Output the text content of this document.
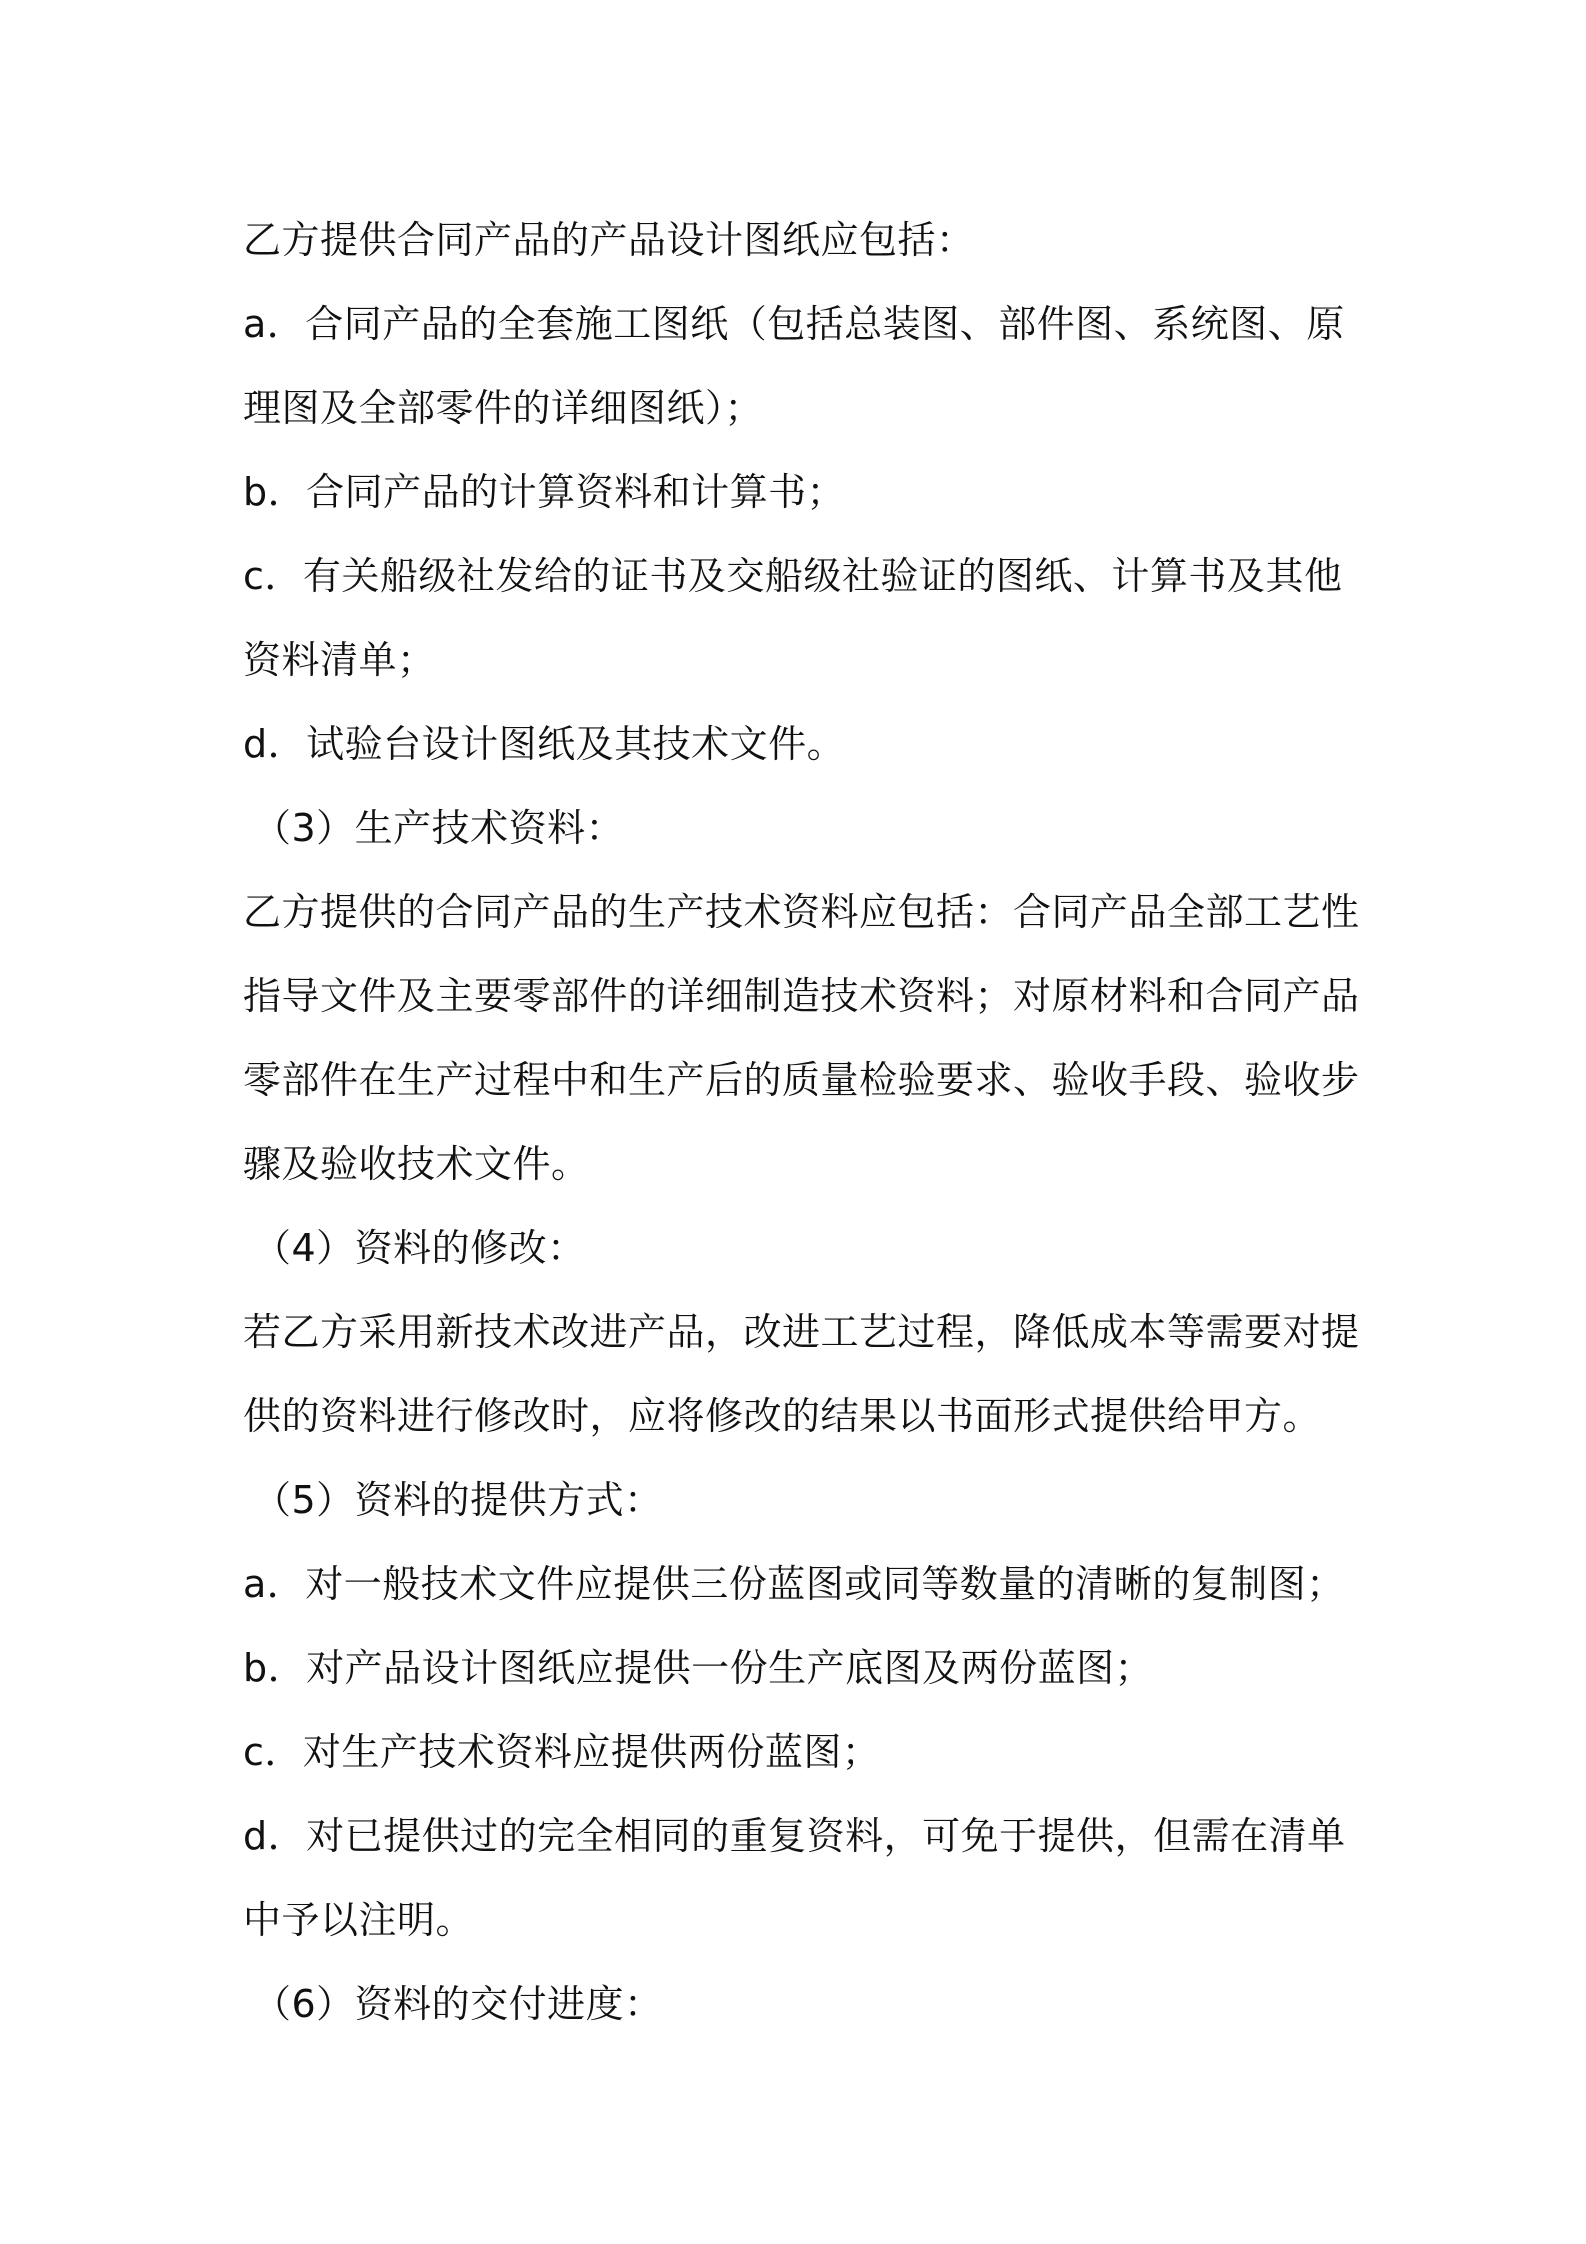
乙方提供合同产品的产品设计图纸应包括：

a．合同产品的全套施工图纸（包括总装图、部件图、系统图、原理图及全部零件的详细图纸）；

b．合同产品的计算资料和计算书；

c．有关船级社发给的证书及交船级社验证的图纸、计算书及其他资料清单；

d．试验台设计图纸及其技术文件。

（3）生产技术资料：

乙方提供的合同产品的生产技术资料应包括：合同产品全部工艺性指导文件及主要零部件的详细制造技术资料；对原材料和合同产品零部件在生产过程中和生产后的质量检验要求、验收手段、验收步骤及验收技术文件。

（4）资料的修改：

若乙方采用新技术改进产品，改进工艺过程，降低成本等需要对提供的资料进行修改时，应将修改的结果以书面形式提供给甲方。

（5）资料的提供方式：

a．对一般技术文件应提供三份蓝图或同等数量的清晰的复制图；

b．对产品设计图纸应提供一份生产底图及两份蓝图；

c．对生产技术资料应提供两份蓝图；

d．对已提供过的完全相同的重复资料，可免于提供，但需在清单中予以注明。

（6）资料的交付进度：
